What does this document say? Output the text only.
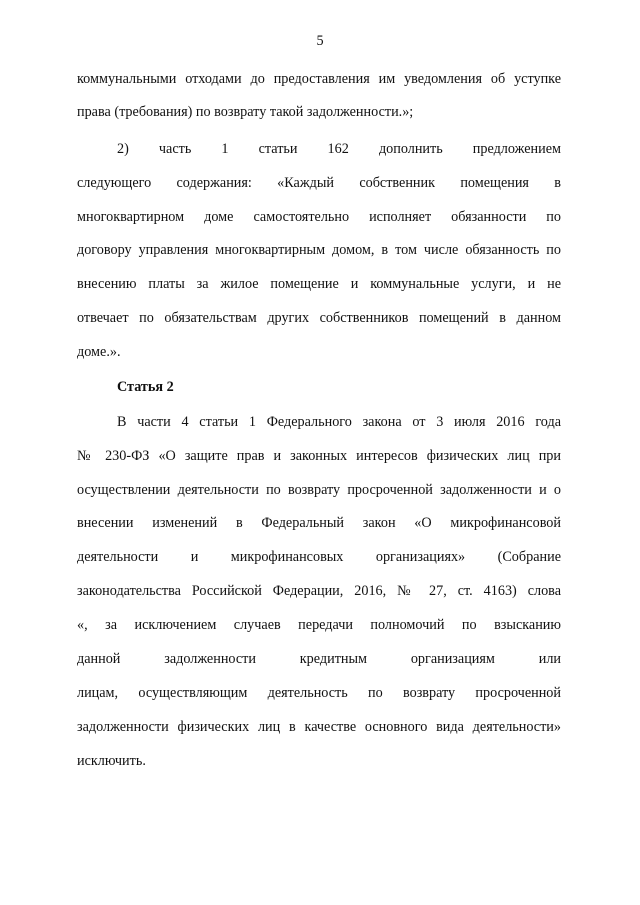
5
коммунальными отходами до предоставления им уведомления об уступке
права (требования) по возврату такой задолженности.»;
2) часть 1 статьи 162 дополнить предложением
следующего содержания: «Каждый собственник помещения в
многоквартирном доме самостоятельно исполняет обязанности по
договору управления многоквартирным домом, в том числе обязанность по
внесению платы за жилое помещение и коммунальные услуги, и не
отвечает по обязательствам других собственников помещений в данном
доме.».
Статья 2
В части 4 статьи 1 Федерального закона от 3 июля 2016 года
№ 230-ФЗ «О защите прав и законных интересов физических лиц при
осуществлении деятельности по возврату просроченной задолженности и о
внесении изменений в Федеральный закон «О микрофинансовой
деятельности и микрофинансовых организациях» (Собрание
законодательства Российской Федерации, 2016, № 27, ст. 4163) слова
«, за исключением случаев передачи полномочий по взысканию
данной задолженности кредитным организациям или
лицам, осуществляющим деятельность по возврату просроченной
задолженности физических лиц в качестве основного вида деятельности»
исключить.
